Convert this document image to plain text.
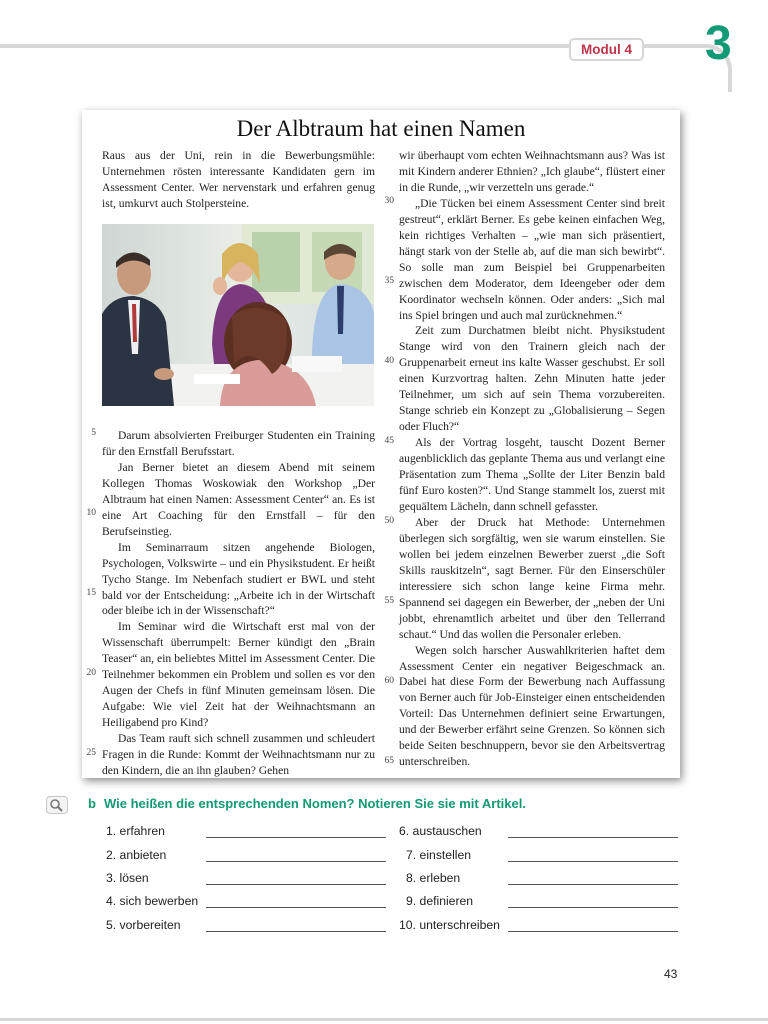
Modul 4 3
Der Albtraum hat einen Namen

Raus aus der Uni, rein in die Bewerbungsmühle: Unternehmen rösten interessante Kandidaten gern im Assessment Center. Wer nervenstark und erfahren genug ist, umkurvt auch Stolpersteine.

Darum absolvierten Freiburger Studenten ein Training für den Ernstfall Berufsstart.

Jan Berner bietet an diesem Abend mit seinem Kollegen Thomas Woskowiak den Workshop „Der Albtraum hat einen Namen: Assessment Center“ an. Es ist eine Art Coaching für den Ernstfall – für den Berufseinstieg.

Im Seminarraum sitzen angehende Biologen, Psychologen, Volkswirte – und ein Physikstudent. Er heißt Tycho Stange. Im Nebenfach studiert er BWL und steht bald vor der Entscheidung: „Arbeite ich in der Wirtschaft oder bleibe ich in der Wissenschaft?“

Im Seminar wird die Wirtschaft erst mal von der Wissenschaft überrumpelt: Berner kündigt den „Brain Teaser“ an, ein beliebtes Mittel im Assessment Center. Die Teilnehmer bekommen ein Problem und sollen es vor den Augen der Chefs in fünf Minuten gemeinsam lösen. Die Aufgabe: Wie viel Zeit hat der Weihnachtsmann an Heiligabend pro Kind?

Das Team rauft sich schnell zusammen und schleudert Fragen in die Runde: Kommt der Weihnachtsmann nur zu den Kindern, die an ihn glauben? Gehen

wir überhaupt vom echten Weihnachtsmann aus? Was ist mit Kindern anderer Ethnien? „Ich glaube“, flüstert einer in die Runde, „wir verzetteln uns gerade.“

„Die Tücken bei einem Assessment Center sind breit gestreut“, erklärt Berner. Es gebe keinen einfachen Weg, kein richtiges Verhalten – „wie man sich präsentiert, hängt stark von der Stelle ab, auf die man sich bewirbt“. So solle man zum Beispiel bei Gruppenarbeiten zwischen dem Moderator, dem Ideengeber oder dem Koordinator wechseln können. Oder anders: „Sich mal ins Spiel bringen und auch mal zurücknehmen.“

Zeit zum Durchatmen bleibt nicht. Physikstudent Stange wird von den Trainern gleich nach der Gruppenarbeit erneut ins kalte Wasser geschubst. Er soll einen Kurzvortrag halten. Zehn Minuten hatte jeder Teilnehmer, um sich auf sein Thema vorzubereiten. Stange schrieb ein Konzept zu „Globalisierung – Segen oder Fluch?“

Als der Vortrag losgeht, tauscht Dozent Berner augenblicklich das geplante Thema aus und verlangt eine Präsentation zum Thema „Sollte der Liter Benzin bald fünf Euro kosten?“. Und Stange stammelt los, zuerst mit gequältem Lächeln, dann schnell gefasster.

Aber der Druck hat Methode: Unternehmen überlegen sich sorgfältig, wen sie warum einstellen. Sie wollen bei jedem einzelnen Bewerber zuerst „die Soft Skills rauskitzeln“, sagt Berner. Für den Einserschüler interessiere sich schon lange keine Firma mehr. Spannend sei dagegen ein Bewerber, der „neben der Uni jobbt, ehrenamtlich arbeitet und über den Tellerrand schaut.“ Und das wollen die Personaler erleben.

Wegen solch harscher Auswahlkriterien haftet dem Assessment Center ein negativer Beigeschmack an. Dabei hat diese Form der Bewerbung nach Auffassung von Berner auch für Job-Einsteiger einen entscheidenden Vorteil: Das Unternehmen definiert seine Erwartungen, und der Bewerber erfährt seine Grenzen. So können sich beide Seiten beschnuppern, bevor sie den Arbeitsvertrag unterschreiben.

5
10
15
20
25
30
35
40
45
50
55
60
65
b Wie heißen die entsprechenden Nomen? Notieren Sie sie mit Artikel.
1. erfahren
2. anbieten
3. lösen
4. sich bewerben
5. vorbereiten
6. austauschen
7. einstellen
8. erleben
9. definieren
10. unterschreiben
43
